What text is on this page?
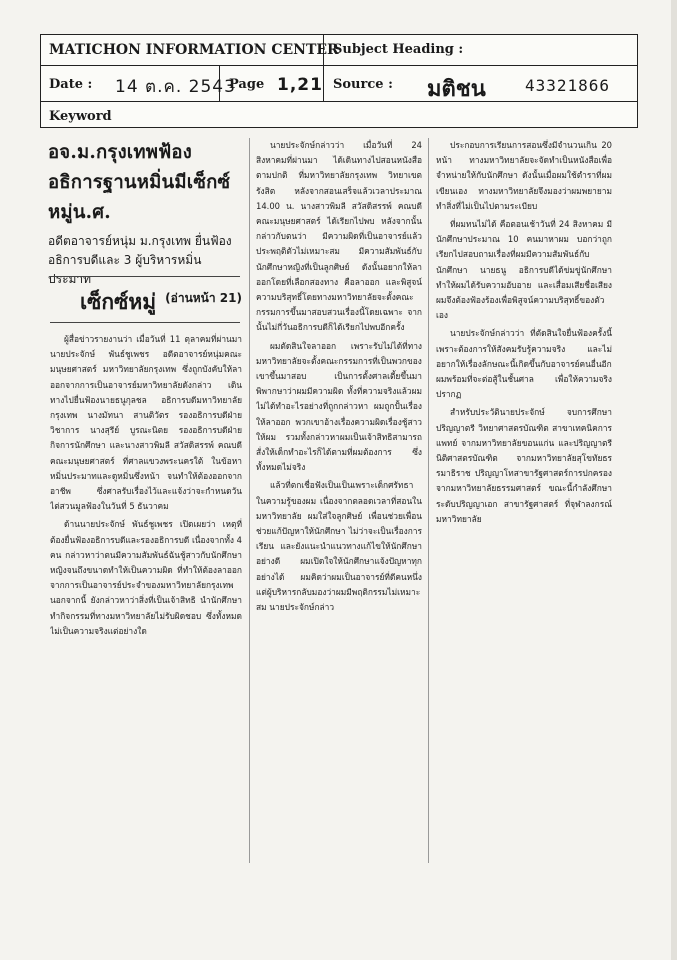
MATICHON INFORMATION CENTER
Subject Heading :
Date : 14 ต.ค. 2543
Page 1,21 Source : มติชน 43321866
Keyword
อจ.ม.กรุงเทพฟ้องอธิการฐานหมิ่นมีเซ็กซ์หมู่น.ศ.
อดีตอาจารย์หนุ่ม ม.กรุงเทพ ยื่นฟ้อง อธิการบดีและ 3 ผู้บริหารหมิ่นประมาท
(อ่านหน้า 21)
เซ็กซ์หมู่

ผู้สื่อข่าวรายงานว่า เมื่อวันที่ 11 ตุลาคมที่ผ่านมา นายประจักษ์ พันธ์ชูเพชร อดีตอาจารย์หนุ่มคณะมนุษยศาสตร์ มหาวิทยาลัยกรุงเทพ ซึ่งถูกบังคับให้ลาออกจากการเป็นอาจารย์มหาวิทยาลัยดังกล่าว เดินทางไปยื่นฟ้องนายธนูกุลชล อธิการบดีมหาวิทยาลัยกรุงเทพ นางมัทนา สานติวัตร รองอธิการบดีฝ่ายวิชาการ นางสุรีย์ บูรณะนิตย รองอธิการบดีฝ่ายกิจการนักศึกษา และนางสาวพิมลี สวัสดิสรรพ์ คณบดีคณะมนุษยศาสตร์ ที่ศาลแขวงพระนครใต้ ในข้อหาหมิ่นประมาทและดูหมิ่นซึ่งหน้า จนทำให้ต้องออกจากอาชีพ ซึ่งศาลรับเรื่องไว้และแจ้งว่าจะกำหนดวันไต่สวนมูลฟ้องในวันที่ 5 ธันวาคม

ด้านนายประจักษ์ พันธ์ชูเพชร เปิดเผยว่า เหตุที่ต้องยื่นฟ้องอธิการบดีและรองอธิการบดี เนื่องจากทั้ง 4 คน กล่าวหาว่าตนมีความสัมพันธ์ฉันชู้สาวกับนักศึกษาหญิงจนถึงขนาดทำให้เป็นความผิด ที่ทำให้ต้องลาออกจากการเป็นอาจารย์ประจำของมหาวิทยาลัยกรุงเทพ นอกจากนี้ ยังกล่าวหาว่าสิ่งที่เป็นเจ้าสิทธิ นำนักศึกษาทำกิจกรรมที่ทางมหาวิทยาลัยไม่รับผิดชอบ ซึ่งทั้งหมดไม่เป็นความจริงแต่อย่างใด

นายประจักษ์กล่าวว่า เมื่อวันที่ 24 สิงหาคมที่ผ่านมา ได้เดินทางไปสอนหนังสือตามปกติ ที่มหาวิทยาลัยกรุงเทพ วิทยาเขตรังสิต หลังจากสอนเสร็จแล้วเวลาประมาณ 14.00 น. นางสาวพิมลี สวัสดิสรรพ์ คณบดีคณะมนุษยศาสตร์ ได้เรียกไปพบ หลังจากนั้นกล่าวกับตนว่า มีความผิดที่เป็นอาจารย์แล้วประพฤติตัวไม่เหมาะสม มีความสัมพันธ์กับนักศึกษาหญิงที่เป็นลูกศิษย์ ดังนั้นอยากให้ลาออกโดยที่เลือกสองทาง คือลาออก และพิสูจน์ความบริสุทธิ์โดยทางมหาวิทยาลัยจะตั้งคณะกรรมการขึ้นมาสอบสวนเรื่องนี้โดยเฉพาะ จากนั้นไม่กี่วันอธิการบดีก็ได้เรียกไปพบอีกครั้ง

ผมตัดสินใจลาออก เพราะรับไม่ได้ที่ทางมหาวิทยาลัยจะตั้งคณะกรรมการที่เป็นพวกของเขาขึ้นมาสอบ เป็นการตั้งศาลเตี้ยขึ้นมาพิพากษาว่าผมมีความผิด ทั้งที่ความจริงแล้วผมไม่ได้ทำอะไรอย่างที่ถูกกล่าวหา ผมถูกปั้นเรื่องให้ลาออก พวกเขาอ้างเรื่องความผิดเรื่องชู้สาวให้ผม รวมทั้งกล่าวหาผมเป็นเจ้าสิทธิสามารถสั่งให้เด็กทำอะไรก็ได้ตามที่ผมต้องการ ซึ่งทั้งหมดไม่จริง

แล้วที่ตกเชื่อฟังเป็นเป็นเพราะเด็กศรัทธาในความรู้ของผม เนื่องจากตลอดเวลาที่สอนในมหาวิทยาลัย ผมใส่ใจลูกศิษย์ เพื่อนช่วยเพื่อน ช่วยแก้ปัญหาให้นักศึกษา ไม่ว่าจะเป็นเรื่องการเรียน และยังแนะนำแนวทางแก้ไขให้นักศึกษาอย่างดี ผมเปิดใจให้นักศึกษาแจ้งปัญหาทุกอย่างได้ ผมคิดว่าผมเป็นอาจารย์ที่ดีคนหนึ่ง แต่ผู้บริหารกลับมองว่าผมมีพฤติกรรมไม่เหมาะสม นายประจักษ์กล่าว

ประกอบการเรียนการสอนซึ่งมีจำนวนเกิน 20 หน้า ทางมหาวิทยาลัยจะจัดทำเป็นหนังสือเพื่อจำหน่ายให้กับนักศึกษา ดังนั้นเมื่อผมใช้ตำราที่ผมเขียนเอง ทางมหาวิทยาลัยจึงมองว่าผมพยายามทำสิ่งที่ไม่เป็นไปตามระเบียบ

ที่ผมทนไม่ได้ คือตอนเช้าวันที่ 24 สิงหาคม มีนักศึกษาประมาณ 10 คนมาหาผม บอกว่าถูกเรียกไปสอบถามเรื่องที่ผมมีความสัมพันธ์กับนักศึกษา นายธนู อธิการบดีได้ข่มขู่นักศึกษา ทำให้ผมได้รับความอับอาย และเสื่อมเสียชื่อเสียง ผมจึงต้องฟ้องร้องเพื่อพิสูจน์ความบริสุทธิ์ของตัวเอง

นายประจักษ์กล่าวว่า ที่ตัดสินใจยื่นฟ้องครั้งนี้ เพราะต้องการให้สังคมรับรู้ความจริง และไม่อยากให้เรื่องลักษณะนี้เกิดขึ้นกับอาจารย์คนอื่นอีก ผมพร้อมที่จะต่อสู้ในชั้นศาล เพื่อให้ความจริงปรากฏ

สำหรับประวัตินายประจักษ์ จบการศึกษาปริญญาตรี วิทยาศาสตรบัณฑิต สาขาเทคนิคการแพทย์ จากมหาวิทยาลัยขอนแก่น และปริญญาตรีนิติศาสตรบัณฑิต จากมหาวิทยาลัยสุโขทัยธรรมาธิราช ปริญญาโทสาขารัฐศาสตร์การปกครอง จากมหาวิทยาลัยธรรมศาสตร์ ขณะนี้กำลังศึกษาระดับปริญญาเอก สาขารัฐศาสตร์ ที่จุฬาลงกรณ์มหาวิทยาลัย
